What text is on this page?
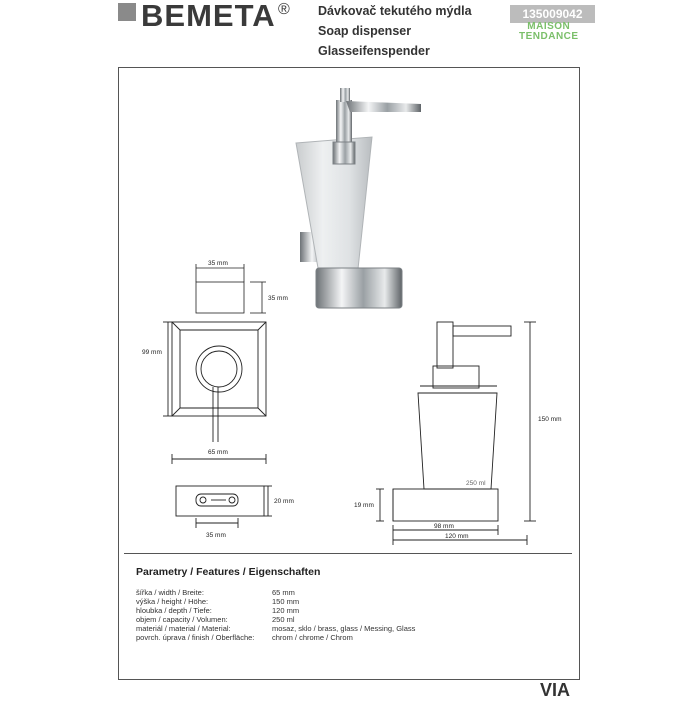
BEMETA ® Dávkovač tekutého mýdla
Soap dispenser
Glasseifenspender
135009042
MAISON
TENDANCE
35 mm
35 mm
99 mm
65 mm
20 mm
35 mm
150 mm
19 mm
98 mm
120 mm
250 ml
Parametry / Features / Eigenschaften
šířka / width / Breite:	65 mm
výška / height / Höhe:	150 mm
hloubka / depth / Tiefe:	120 mm
objem / capacity / Volumen:	250 ml
materiál / material / Material:	mosaz, sklo / brass, glass / Messing, Glass
povrch. úprava / finish / Oberfläche: chrom / chrome / Chrom
VIA
